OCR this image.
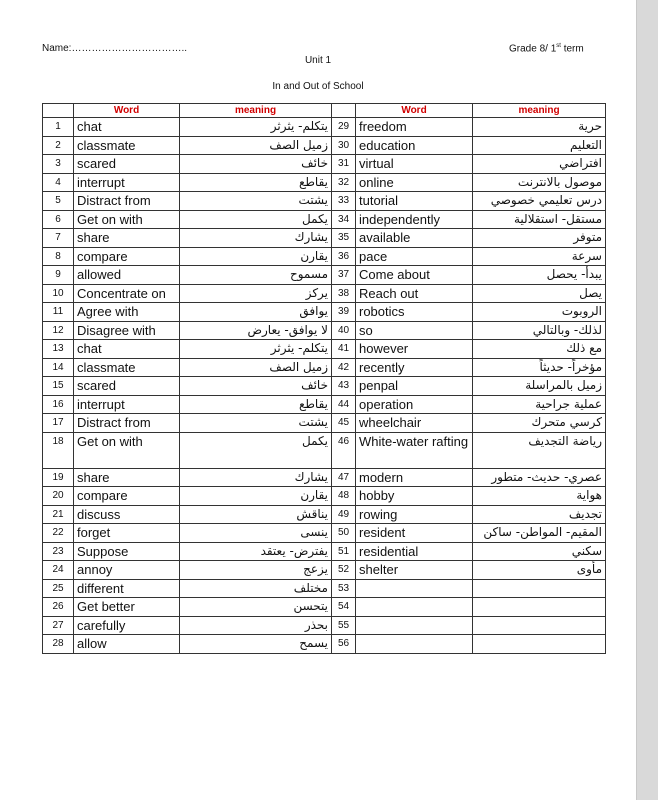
Name:……………………………..	Grade 8/ 1st term
Unit 1
In and Out of School
	Word	meaning		Word	meaning
1	chat	يتكلم- يثرثر	29	freedom	حرية
2	classmate	زميل الصف	30	education	التعليم
3	scared	خائف	31	virtual	افتراضي
4	interrupt	يقاطع	32	online	موصول بالانترنت
5	Distract from	يشتت	33	tutorial	درس تعليمي خصوصي
6	Get on with	يكمل	34	independently	مستقل- استقلالية
7	share	يشارك	35	available	متوفر
8	compare	يقارن	36	pace	سرعة
9	allowed	مسموح	37	Come about	يبدأ- يحصل
10	Concentrate on	يركز	38	Reach out	يصل
11	Agree with	يوافق	39	robotics	الروبوت
12	Disagree with	لا يوافق- يعارض	40	so	لذلك- وبالتالي
13	chat	يتكلم- يثرثر	41	however	مع ذلك
14	classmate	زميل الصف	42	recently	مؤخراً- حديثاً
15	scared	خائف	43	penpal	زميل بالمراسلة
16	interrupt	يقاطع	44	operation	عملية جراحية
17	Distract from	يشتت	45	wheelchair	كرسي متحرك
18	Get on with	يكمل	46	White-water rafting	رياضة التجديف
19	share	يشارك	47	modern	عصري- حديث- متطور
20	compare	يقارن	48	hobby	هواية
21	discuss	يناقش	49	rowing	تجديف
22	forget	ينسى	50	resident	المقيم- المواطن- ساكن
23	Suppose	يفترض- يعتقد	51	residential	سكني
24	annoy	يزعج	52	shelter	مأوى
25	different	مختلف	53		
26	Get better	يتحسن	54		
27	carefully	بحذر	55		
28	allow	يسمح	56		
